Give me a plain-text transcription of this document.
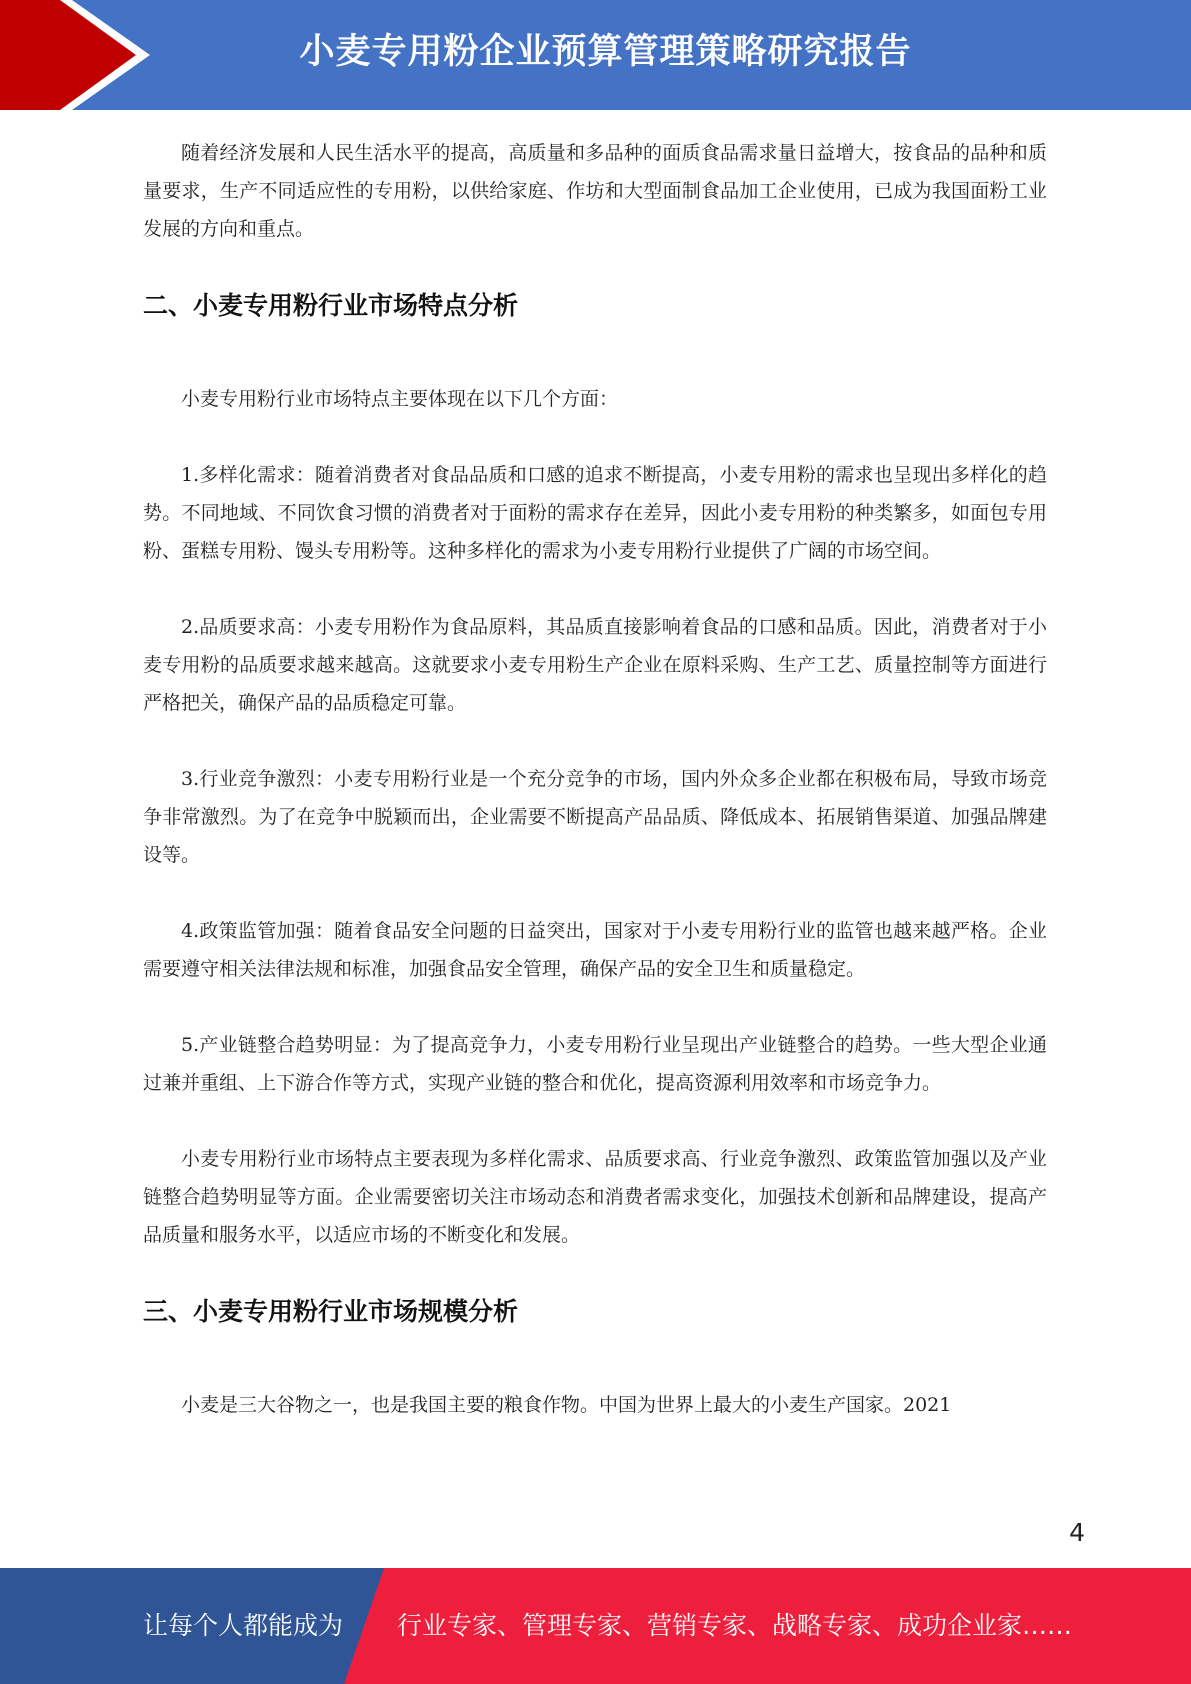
小麦专用粉企业预算管理策略研究报告

随着经济发展和人民生活水平的提高，高质量和多品种的面质食品需求量日益增大，按食品的品种和质量要求，生产不同适应性的专用粉，以供给家庭、作坊和大型面制食品加工企业使用，已成为我国面粉工业发展的方向和重点。

二、小麦专用粉行业市场特点分析

小麦专用粉行业市场特点主要体现在以下几个方面：

1.多样化需求：随着消费者对食品品质和口感的追求不断提高，小麦专用粉的需求也呈现出多样化的趋势。不同地域、不同饮食习惯的消费者对于面粉的需求存在差异，因此小麦专用粉的种类繁多，如面包专用粉、蛋糕专用粉、馒头专用粉等。这种多样化的需求为小麦专用粉行业提供了广阔的市场空间。

2.品质要求高：小麦专用粉作为食品原料，其品质直接影响着食品的口感和品质。因此，消费者对于小麦专用粉的品质要求越来越高。这就要求小麦专用粉生产企业在原料采购、生产工艺、质量控制等方面进行严格把关，确保产品的品质稳定可靠。

3.行业竞争激烈：小麦专用粉行业是一个充分竞争的市场，国内外众多企业都在积极布局，导致市场竞争非常激烈。为了在竞争中脱颖而出，企业需要不断提高产品品质、降低成本、拓展销售渠道、加强品牌建设等。

4.政策监管加强：随着食品安全问题的日益突出，国家对于小麦专用粉行业的监管也越来越严格。企业需要遵守相关法律法规和标准，加强食品安全管理，确保产品的安全卫生和质量稳定。

5.产业链整合趋势明显：为了提高竞争力，小麦专用粉行业呈现出产业链整合的趋势。一些大型企业通过兼并重组、上下游合作等方式，实现产业链的整合和优化，提高资源利用效率和市场竞争力。

小麦专用粉行业市场特点主要表现为多样化需求、品质要求高、行业竞争激烈、政策监管加强以及产业链整合趋势明显等方面。企业需要密切关注市场动态和消费者需求变化，加强技术创新和品牌建设，提高产品质量和服务水平，以适应市场的不断变化和发展。

三、小麦专用粉行业市场规模分析

小麦是三大谷物之一，也是我国主要的粮食作物。中国为世界上最大的小麦生产国家。2021

4
让每个人都能成为 行业专家、管理专家、营销专家、战略专家、成功企业家……
